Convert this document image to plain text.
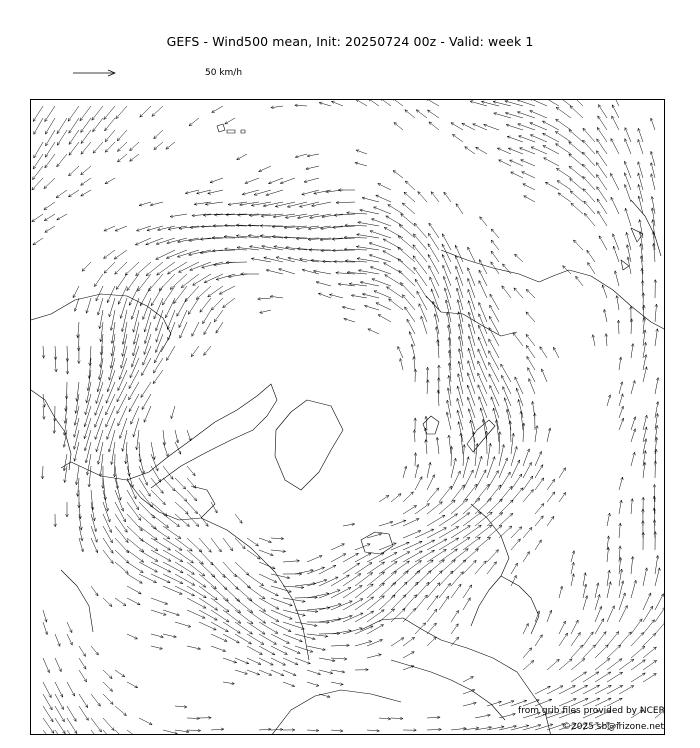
GEFS - Wind500 mean, Init: 20250724 00z - Valid: week 1
50 km/h
from grib files provided by NCEP
©2025 sb@irizone.net
